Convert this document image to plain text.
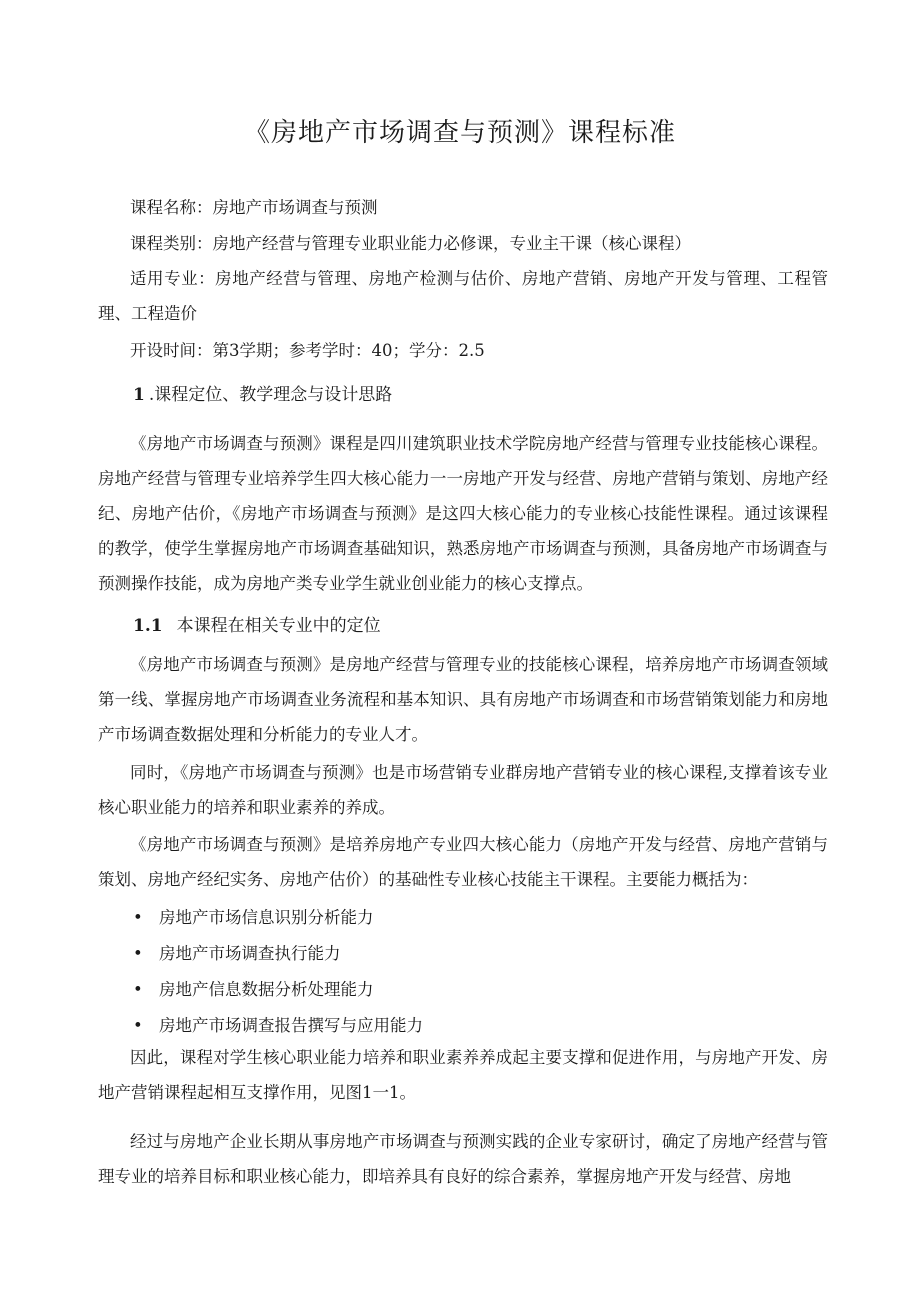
《房地产市场调查与预测》课程标准
课程名称：房地产市场调查与预测
课程类别：房地产经营与管理专业职业能力必修课，专业主干课（核心课程）
适用专业：房地产经营与管理、房地产检测与估价、房地产营销、房地产开发与管理、工程管理、工程造价
开设时间：第3学期；参考学时：40；学分：2.5
1 .课程定位、教学理念与设计思路
《房地产市场调查与预测》课程是四川建筑职业技术学院房地产经营与管理专业技能核心课程。房地产经营与管理专业培养学生四大核心能力一一房地产开发与经营、房地产营销与策划、房地产经纪、房地产估价，《房地产市场调查与预测》是这四大核心能力的专业核心技能性课程。通过该课程的教学，使学生掌握房地产市场调查基础知识，熟悉房地产市场调查与预测，具备房地产市场调查与预测操作技能，成为房地产类专业学生就业创业能力的核心支撑点。
1.1 本课程在相关专业中的定位
《房地产市场调查与预测》是房地产经营与管理专业的技能核心课程，培养房地产市场调查领域第一线、掌握房地产市场调查业务流程和基本知识、具有房地产市场调查和市场营销策划能力和房地产市场调查数据处理和分析能力的专业人才。
同时，《房地产市场调查与预测》也是市场营销专业群房地产营销专业的核心课程,支撑着该专业核心职业能力的培养和职业素养的养成。
《房地产市场调查与预测》是培养房地产专业四大核心能力（房地产开发与经营、房地产营销与策划、房地产经纪实务、房地产估价）的基础性专业核心技能主干课程。主要能力概括为：
• 房地产市场信息识别分析能力
• 房地产市场调查执行能力
• 房地产信息数据分析处理能力
• 房地产市场调查报告撰写与应用能力
因此，课程对学生核心职业能力培养和职业素养养成起主要支撑和促进作用，与房地产开发、房地产营销课程起相互支撑作用，见图1一1。
经过与房地产企业长期从事房地产市场调查与预测实践的企业专家研讨，确定了房地产经营与管理专业的培养目标和职业核心能力，即培养具有良好的综合素养，掌握房地产开发与经营、房地
